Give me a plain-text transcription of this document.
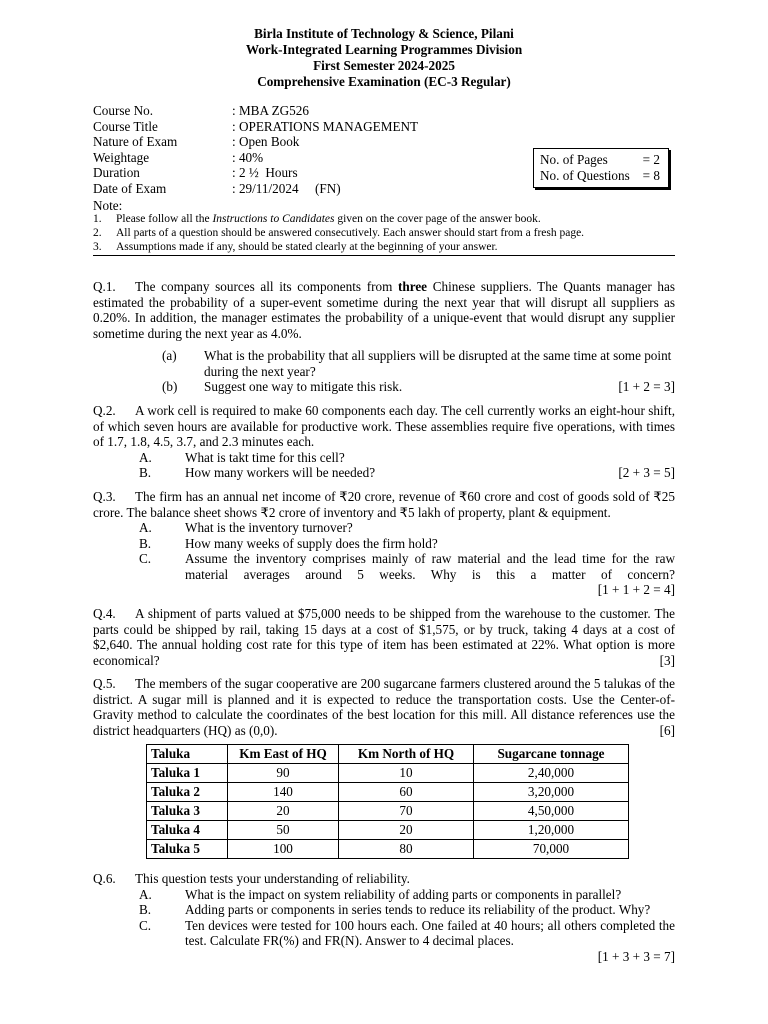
Birla Institute of Technology & Science, Pilani
Work-Integrated Learning Programmes Division
First Semester 2024-2025
Comprehensive Examination (EC-3 Regular)
Course No.	: MBA ZG526
Course Title	: OPERATIONS MANAGEMENT
Nature of Exam	: Open Book
Weightage	: 40%
Duration	: 2 ½  Hours
Date of Exam	: 29/11/2024     (FN)
No. of Pages	= 2
No. of Questions = 8
Note:
1.	Please follow all the Instructions to Candidates given on the cover page of the answer book.
2.	All parts of a question should be answered consecutively. Each answer should start from a fresh page.
3.	Assumptions made if any, should be stated clearly at the beginning of your answer.
Q.1. The company sources all its components from three Chinese suppliers. The Quants manager has estimated the probability of a super-event sometime during the next year that will disrupt all suppliers as 0.20%. In addition, the manager estimates the probability of a unique-event that would disrupt any supplier sometime during the next year as 4.0%.
(a)	What is the probability that all suppliers will be disrupted at the same time at some point during the next year?
(b)	Suggest one way to mitigate this risk.	[1 + 2 = 3]
Q.2. A work cell is required to make 60 components each day. The cell currently works an eight-hour shift, of which seven hours are available for productive work. These assemblies require five operations, with times of 1.7, 1.8, 4.5, 3.7, and 2.3 minutes each.
A.	What is takt time for this cell?
B.	How many workers will be needed?	[2 + 3 = 5]
Q.3. The firm has an annual net income of ₹20 crore, revenue of ₹60 crore and cost of goods sold of ₹25 crore. The balance sheet shows ₹2 crore of inventory and ₹5 lakh of property, plant & equipment.
A.	What is the inventory turnover?
B.	How many weeks of supply does the firm hold?
C.	Assume the inventory comprises mainly of raw material and the lead time for the raw material averages around 5 weeks. Why is this a matter of concern?
[1 + 1 + 2 = 4]
Q.4. A shipment of parts valued at $75,000 needs to be shipped from the warehouse to the customer. The parts could be shipped by rail, taking 15 days at a cost of $1,575, or by truck, taking 4 days at a cost of $2,640. The annual holding cost rate for this type of item has been estimated at 22%. What option is more economical?	[3]
Q.5. The members of the sugar cooperative are 200 sugarcane farmers clustered around the 5 talukas of the district. A sugar mill is planned and it is expected to reduce the transportation costs. Use the Center-of-Gravity method to calculate the coordinates of the best location for this mill. All distance references use the district headquarters (HQ) as (0,0).	[6]
Taluka	Km East of HQ	Km North of HQ	Sugarcane tonnage
Taluka 1	90	10	2,40,000
Taluka 2	140	60	3,20,000
Taluka 3	20	70	4,50,000
Taluka 4	50	20	1,20,000
Taluka 5	100	80	70,000
Q.6. This question tests your understanding of reliability.
A.	What is the impact on system reliability of adding parts or components in parallel?
B.	Adding parts or components in series tends to reduce its reliability of the product. Why?
C.	Ten devices were tested for 100 hours each. One failed at 40 hours; all others completed the test. Calculate FR(%) and FR(N). Answer to 4 decimal places.
[1 + 3 + 3 = 7]
